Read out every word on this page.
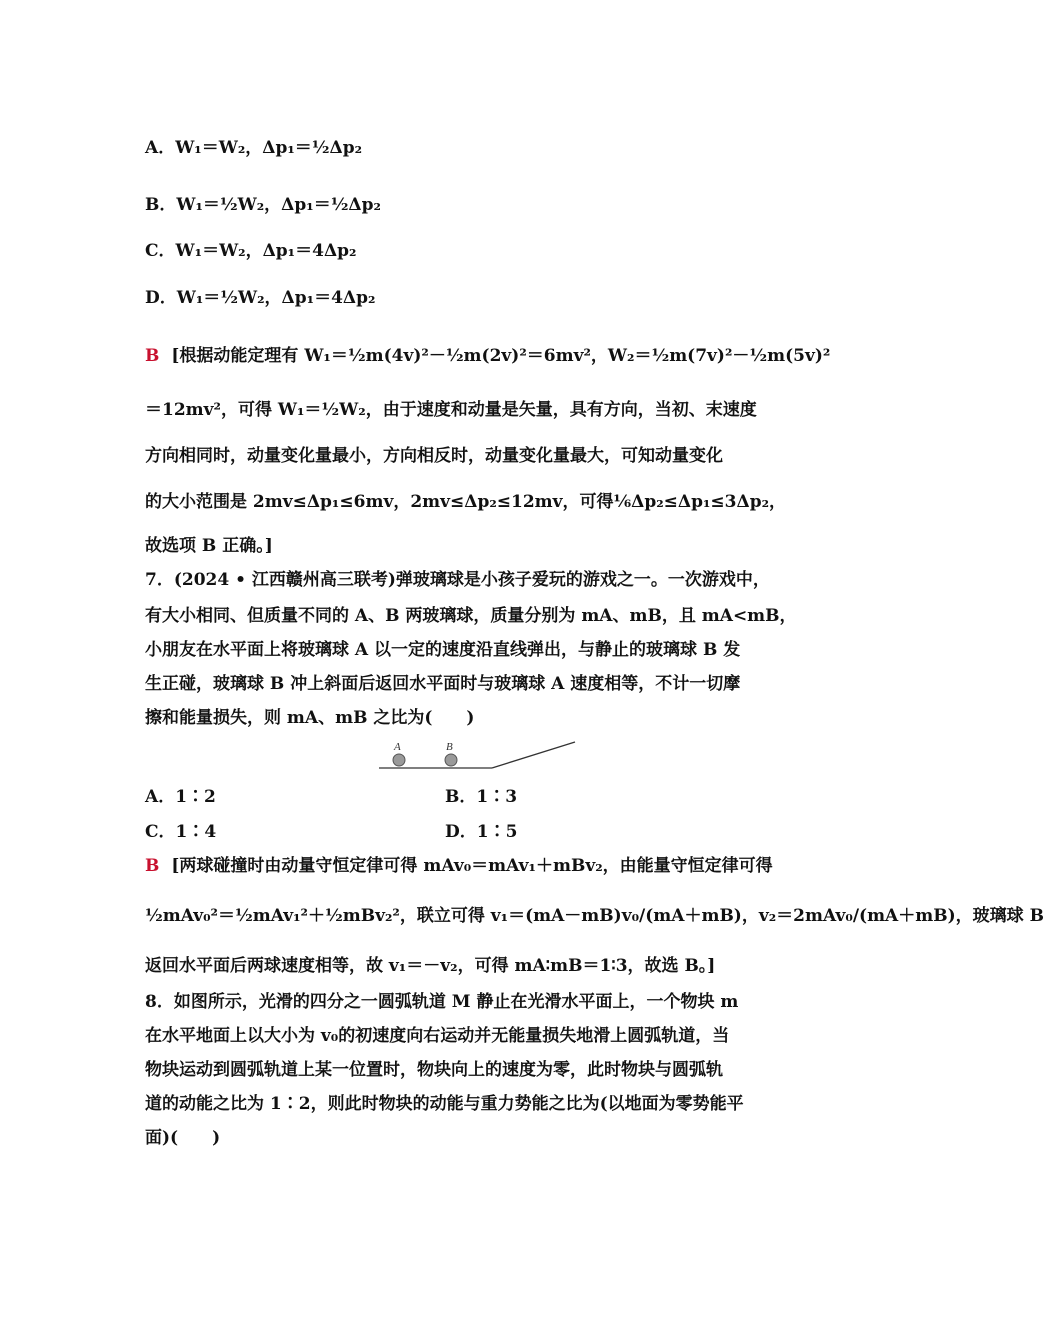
A．W₁＝W₂，Δp₁＝½Δp₂
B．W₁＝½W₂，Δp₁＝½Δp₂
C．W₁＝W₂，Δp₁＝4Δp₂
D．W₁＝½W₂，Δp₁＝4Δp₂
B [根据动能定理有 W₁＝½m(4v)²－½m(2v)²＝6mv²，W₂＝½m(7v)²－½m(5v)²
＝12mv²，可得 W₁＝½W₂，由于速度和动量是矢量，具有方向，当初、末速度
方向相同时，动量变化量最小，方向相反时，动量变化量最大，可知动量变化
的大小范围是 2mv≤Δp₁≤6mv，2mv≤Δp₂≤12mv，可得⅙Δp₂≤Δp₁≤3Δp₂，
故选项 B 正确。]
7．(2024 • 江西赣州高三联考)弹玻璃球是小孩子爱玩的游戏之一。一次游戏中，
有大小相同、但质量不同的 A、B 两玻璃球，质量分别为 mA、mB，且 mA<mB，
小朋友在水平面上将玻璃球 A 以一定的速度沿直线弹出，与静止的玻璃球 B 发
生正碰，玻璃球 B 冲上斜面后返回水平面时与玻璃球 A 速度相等，不计一切摩
擦和能量损失，则 mA、mB 之比为(　　)
A	B
A．1∶2	B．1∶3
C．1∶4	D．1∶5
B [两球碰撞时由动量守恒定律可得 mAv₀＝mAv₁＋mBv₂，由能量守恒定律可得
½mAv₀²＝½mAv₁²＋½mBv₂²，联立可得 v₁＝(mA－mB)v₀/(mA＋mB)，v₂＝2mAv₀/(mA＋mB)，玻璃球 B
返回水平面后两球速度相等，故 v₁＝－v₂，可得 mA∶mB＝1∶3，故选 B。]
8．如图所示，光滑的四分之一圆弧轨道 M 静止在光滑水平面上，一个物块 m
在水平地面上以大小为 v₀的初速度向右运动并无能量损失地滑上圆弧轨道，当
物块运动到圆弧轨道上某一位置时，物块向上的速度为零，此时物块与圆弧轨
道的动能之比为 1∶2，则此时物块的动能与重力势能之比为(以地面为零势能平
面)(　　)
